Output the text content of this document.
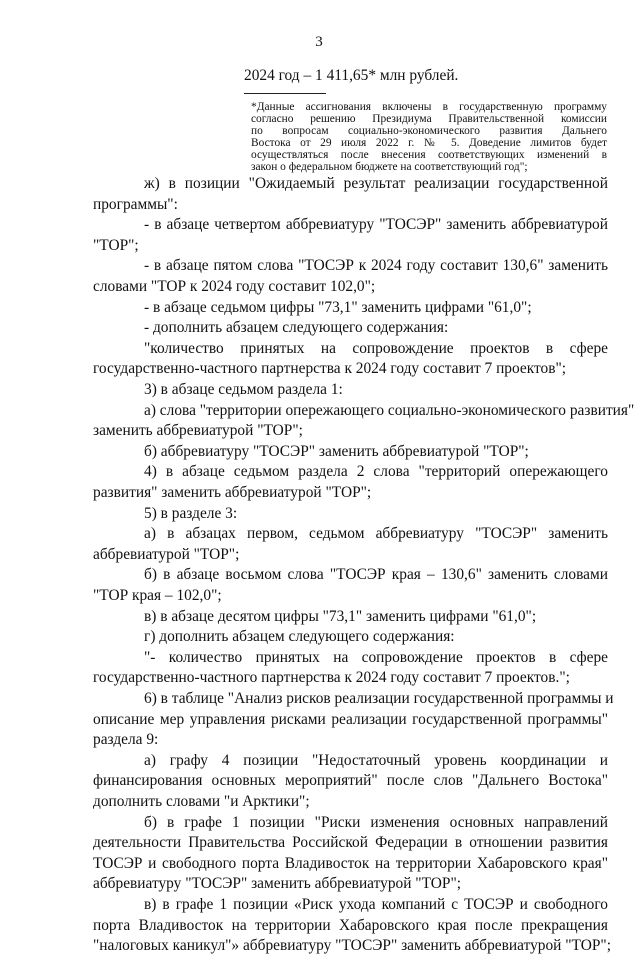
3
2024 год – 1 411,65* млн рублей.
*Данные ассигнования включены в государственную программу
согласно решению Президиума Правительственной комиссии
по вопросам социально-экономического развития Дальнего
Востока от 29 июля 2022 г. № 5. Доведение лимитов будет
осуществляться после внесения соответствующих изменений в
закон о федеральном бюджете на соответствующий год";
ж) в позиции "Ожидаемый результат реализации государственной
программы":
- в абзаце четвертом аббревиатуру "ТОСЭР" заменить аббревиатурой
"ТОР";
- в абзаце пятом слова "ТОСЭР к 2024 году составит 130,6" заменить
словами "ТОР к 2024 году составит 102,0";
- в абзаце седьмом цифры "73,1" заменить цифрами "61,0";
- дополнить абзацем следующего содержания:
"количество принятых на сопровождение проектов в сфере
государственно-частного партнерства к 2024 году составит 7 проектов";
3) в абзаце седьмом раздела 1:
а) слова "территории опережающего социально-экономического развития"
заменить аббревиатурой "ТОР";
б) аббревиатуру "ТОСЭР" заменить аббревиатурой "ТОР";
4) в абзаце седьмом раздела 2 слова "территорий опережающего
развития" заменить аббревиатурой "ТОР";
5) в разделе 3:
а) в абзацах первом, седьмом аббревиатуру "ТОСЭР" заменить
аббревиатурой "ТОР";
б) в абзаце восьмом слова "ТОСЭР края – 130,6" заменить словами
"ТОР края – 102,0";
в) в абзаце десятом цифры "73,1" заменить цифрами "61,0";
г) дополнить абзацем следующего содержания:
"- количество принятых на сопровождение проектов в сфере
государственно-частного партнерства к 2024 году составит 7 проектов.";
6) в таблице "Анализ рисков реализации государственной программы и
описание мер управления рисками реализации государственной программы"
раздела 9:
а) графу 4 позиции "Недостаточный уровень координации и
финансирования основных мероприятий" после слов "Дальнего Востока"
дополнить словами "и Арктики";
б) в графе 1 позиции "Риски изменения основных направлений
деятельности Правительства Российской Федерации в отношении развития
ТОСЭР и свободного порта Владивосток на территории Хабаровского края"
аббревиатуру "ТОСЭР" заменить аббревиатурой "ТОР";
в) в графе 1 позиции «Риск ухода компаний с ТОСЭР и свободного
порта Владивосток на территории Хабаровского края после прекращения
"налоговых каникул"» аббревиатуру "ТОСЭР" заменить аббревиатурой "ТОР";
